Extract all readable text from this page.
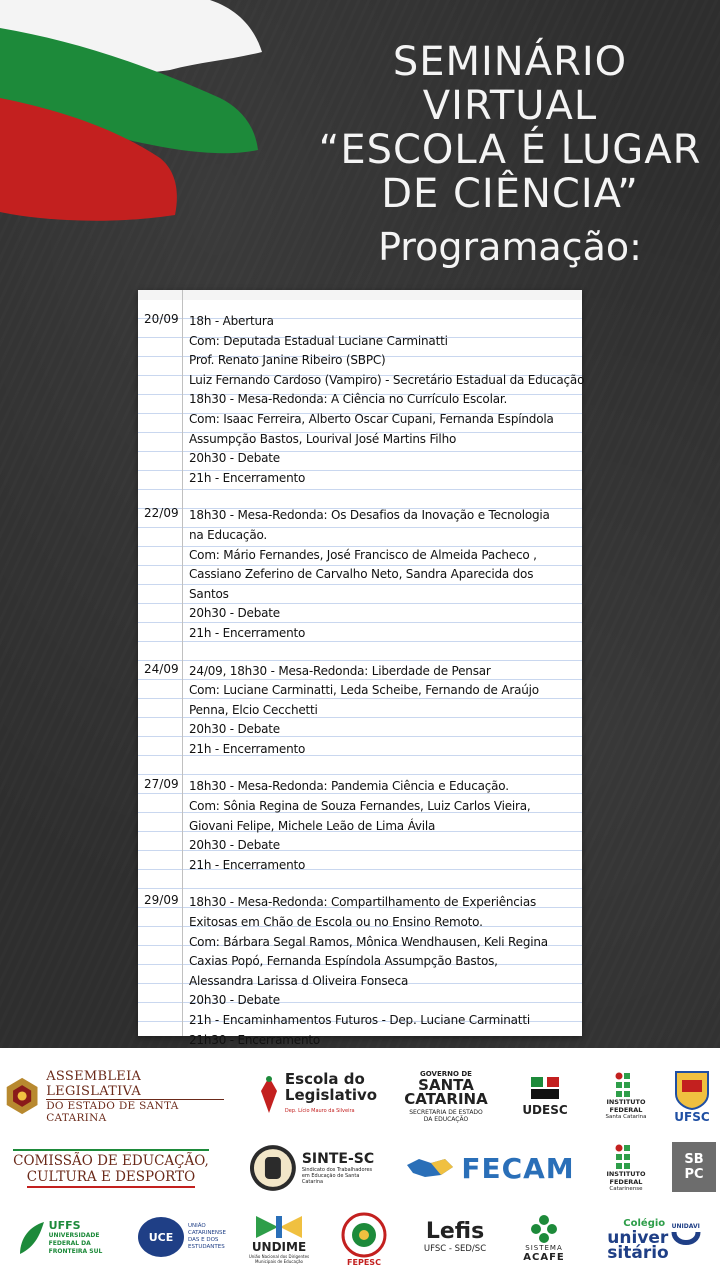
SEMINÁRIO
VIRTUAL
“ESCOLA É LUGAR
DE CIÊNCIA”
Programação:
20/09 18h - Abertura
Com: Deputada Estadual Luciane Carminatti
Prof. Renato Janine Ribeiro (SBPC)
Luiz Fernando Cardoso (Vampiro) - Secretário Estadual da Educação
18h30 - Mesa-Redonda: A Ciência no Currículo Escolar.
Com: Isaac Ferreira, Alberto Oscar Cupani, Fernanda Espíndola
Assumpção Bastos, Lourival José Martins Filho
20h30 - Debate
21h - Encerramento
22/09 18h30 - Mesa-Redonda: Os Desafios da Inovação e Tecnologia
na Educação.
Com: Mário Fernandes, José Francisco de Almeida Pacheco ,
Cassiano Zeferino de Carvalho Neto, Sandra Aparecida dos
Santos
20h30 - Debate
21h - Encerramento
24/09 24/09, 18h30 - Mesa-Redonda: Liberdade de Pensar
Com: Luciane Carminatti, Leda Scheibe, Fernando de Araújo
Penna, Elcio Cecchetti
20h30 - Debate
21h - Encerramento
27/09 18h30 - Mesa-Redonda: Pandemia Ciência e Educação.
Com: Sônia Regina de Souza Fernandes, Luiz Carlos Vieira,
Giovani Felipe, Michele Leão de Lima Ávila
20h30 - Debate
21h - Encerramento
29/09 18h30 - Mesa-Redonda: Compartilhamento de Experiências
Exitosas em Chão de Escola ou no Ensino Remoto.
Com: Bárbara Segal Ramos, Mônica Wendhausen, Keli Regina
Caxias Popó, Fernanda Espíndola Assumpção Bastos,
Alessandra Larissa d Oliveira Fonseca
20h30 - Debate
21h - Encaminhamentos Futuros - Dep. Luciane Carminatti
21h30 - Encerramento
ASSEMBLEIA LEGISLATIVA
DO ESTADO DE SANTA CATARINA
Escola do
Legislativo
Dep. Lício Mauro da Silveira
GOVERNO DE
SANTA
CATARINA
SECRETARIA DE ESTADO
DA EDUCAÇÃO
UDESC
INSTITUTO
FEDERAL
Santa Catarina UFSC
COMISSÃO DE EDUCAÇÃO,
CULTURA E DESPORTO
SINTE-SC
Sindicato dos Trabalhadores
em Educação de Santa Catarina	FECAM	INSTITUTO
FEDERAL
Catarinense
SB
PC
UFFS
UNIVERSIDADE
FEDERAL DA
FRONTEIRA SUL
UCE
UNIÃO
CATARINENSE
DAS E DOS
ESTUDANTES UNDIME
União Nacional dos Dirigentes
Municipais de Educação	FEPESC
Lefis
UFSC - SED/SC	SISTEMA
ACAFE
Colégio
univer
sitário
UNIDAVI
